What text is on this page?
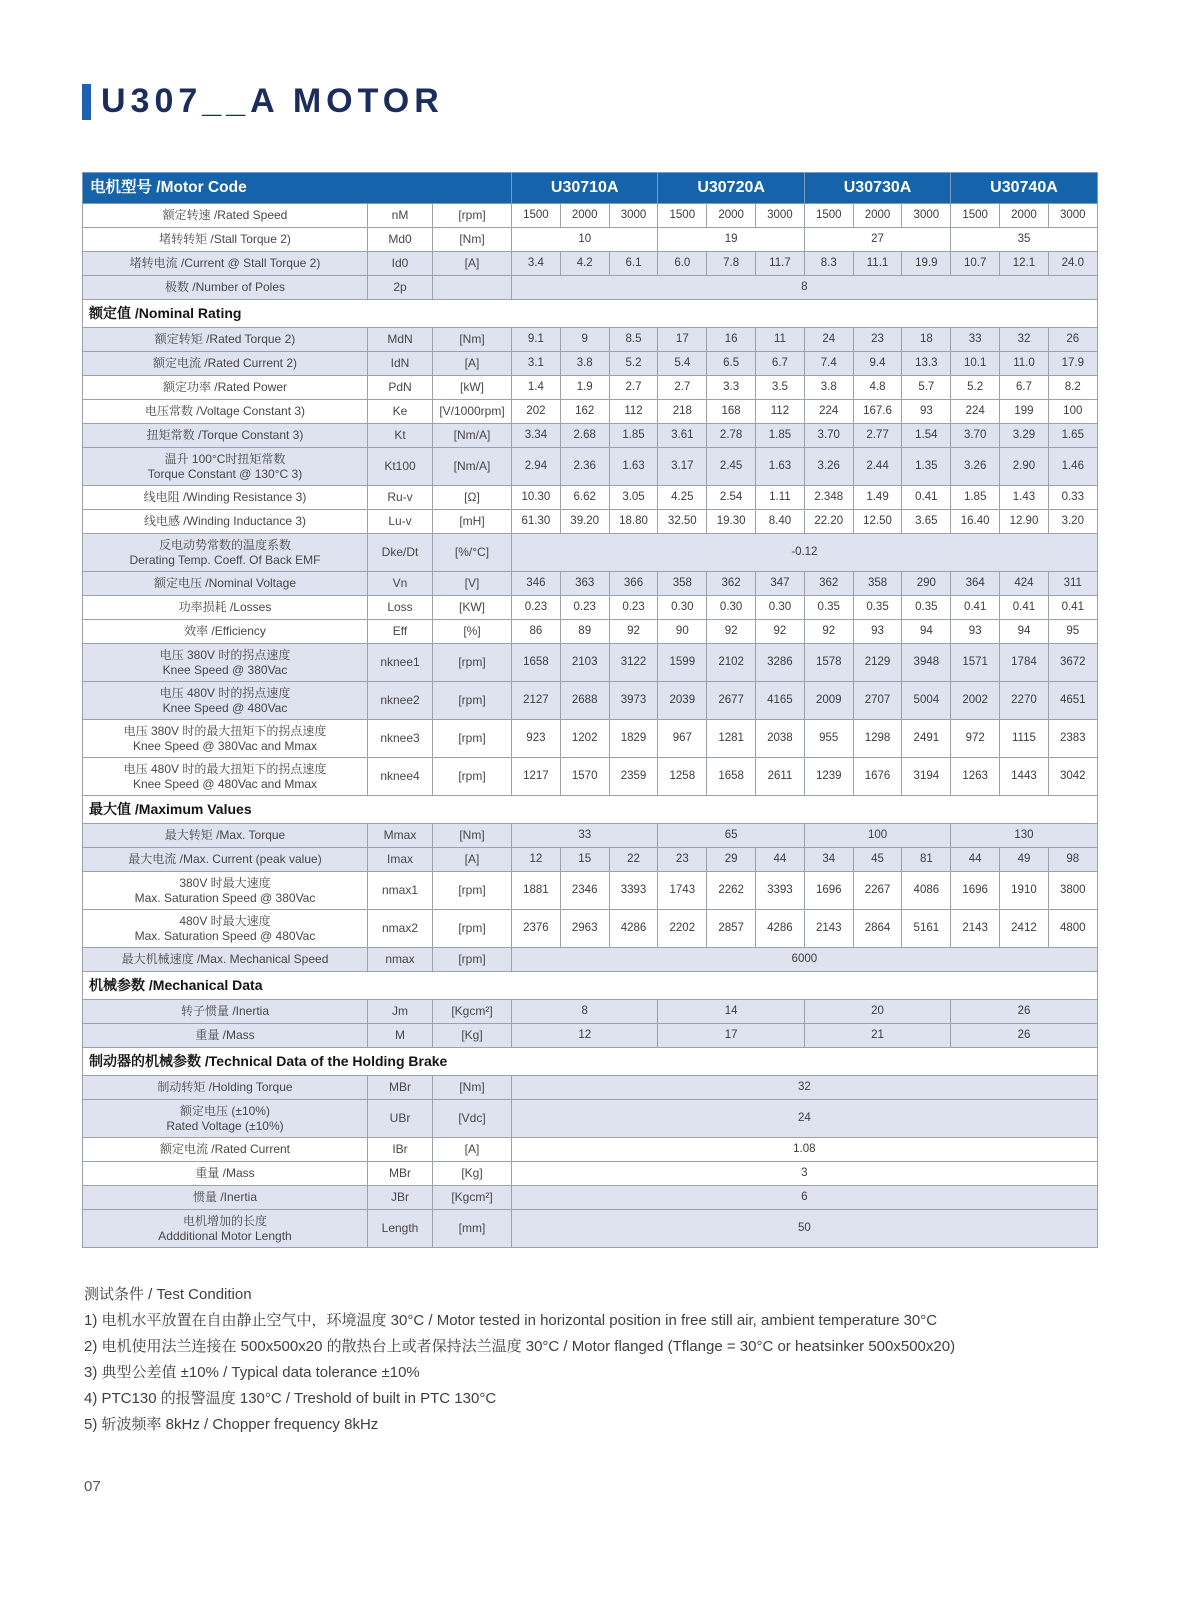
U307__A MOTOR
电机型号 /Motor Code			U30710A			U30720A			U30730A			U30740A		
额定转速 /Rated Speed	nM	[rpm]	1500	2000	3000	1500	2000	3000	1500	2000	3000	1500	2000	3000
堵转转矩 /Stall Torque 2)	Md0	[Nm]	10			19			27			35		
堵转电流 /Current @ Stall Torque 2)	Id0	[A]	3.4	4.2	6.1	6.0	7.8	11.7	8.3	11.1	19.9	10.7	12.1	24.0
极数 /Number of Poles	2p		8											
额定值 /Nominal Rating														
额定转矩 /Rated Torque 2)	MdN	[Nm]	9.1	9	8.5	17	16	11	24	23	18	33	32	26
额定电流 /Rated Current 2)	IdN	[A]	3.1	3.8	5.2	5.4	6.5	6.7	7.4	9.4	13.3	10.1	11.0	17.9
额定功率 /Rated Power	PdN	[kW]	1.4	1.9	2.7	2.7	3.3	3.5	3.8	4.8	5.7	5.2	6.7	8.2
电压常数 /Voltage Constant 3)	Ke	[V/1000rpm]	202	162	112	218	168	112	224	167.6	93	224	199	100
扭矩常数 /Torque Constant 3)	Kt	[Nm/A]	3.34	2.68	1.85	3.61	2.78	1.85	3.70	2.77	1.54	3.70	3.29	1.65
温升 100°C时扭矩常数
Torque Constant @ 130°C 3)	Kt100	[Nm/A]	2.94	2.36	1.63	3.17	2.45	1.63	3.26	2.44	1.35	3.26	2.90	1.46
线电阻 /Winding Resistance 3)	Ru-v	[Ω]	10.30	6.62	3.05	4.25	2.54	1.11	2.348	1.49	0.41	1.85	1.43	0.33
线电感 /Winding Inductance 3)	Lu-v	[mH]	61.30	39.20	18.80	32.50	19.30	8.40	22.20	12.50	3.65	16.40	12.90	3.20
反电动势常数的温度系数
Derating Temp. Coeff. Of Back EMF	Dke/Dt	[%/°C]	-0.12											
额定电压 /Nominal Voltage	Vn	[V]	346	363	366	358	362	347	362	358	290	364	424	311
功率损耗 /Losses	Loss	[KW]	0.23	0.23	0.23	0.30	0.30	0.30	0.35	0.35	0.35	0.41	0.41	0.41
效率 /Efficiency	Eff	[%]	86	89	92	90	92	92	92	93	94	93	94	95
电压 380V 时的拐点速度
Knee Speed @ 380Vac	nknee1	[rpm]	1658	2103	3122	1599	2102	3286	1578	2129	3948	1571	1784	3672
电压 480V 时的拐点速度
Knee Speed @ 480Vac	nknee2	[rpm]	2127	2688	3973	2039	2677	4165	2009	2707	5004	2002	2270	4651
电压 380V 时的最大扭矩下的拐点速度
Knee Speed @ 380Vac and Mmax	nknee3	[rpm]	923	1202	1829	967	1281	2038	955	1298	2491	972	1115	2383
电压 480V 时的最大扭矩下的拐点速度
Knee Speed @ 480Vac and Mmax	nknee4	[rpm]	1217	1570	2359	1258	1658	2611	1239	1676	3194	1263	1443	3042
最大值 /Maximum Values														
最大转矩 /Max. Torque	Mmax	[Nm]	33			65			100			130		
最大电流 /Max. Current (peak value)	Imax	[A]	12	15	22	23	29	44	34	45	81	44	49	98
380V 时最大速度
Max. Saturation Speed @ 380Vac	nmax1	[rpm]	1881	2346	3393	1743	2262	3393	1696	2267	4086	1696	1910	3800
480V 时最大速度
Max. Saturation Speed @ 480Vac	nmax2	[rpm]	2376	2963	4286	2202	2857	4286	2143	2864	5161	2143	2412	4800
最大机械速度 /Max. Mechanical Speed	nmax	[rpm]	6000											
机械参数 /Mechanical Data														
转子惯量 /Inertia	Jm	[Kgcm²]	8			14			20			26		
重量 /Mass	M	[Kg]	12			17			21			26		
制动器的机械参数 /Technical Data of the Holding Brake														
制动转矩 /Holding Torque	MBr	[Nm]	32											
额定电压 (±10%)
Rated Voltage (±10%)	UBr	[Vdc]	24											
额定电流 /Rated Current	IBr	[A]	1.08											
重量 /Mass	MBr	[Kg]	3											
惯量 /Inertia	JBr	[Kgcm²]	6											
电机增加的长度
Addditional Motor Length	Length	[mm]	50											
测试条件 / Test Condition
1) 电机水平放置在自由静止空气中，环境温度 30°C / Motor tested in horizontal position in free still air, ambient temperature 30°C
2) 电机使用法兰连接在 500x500x20 的散热台上或者保持法兰温度 30°C / Motor flanged (Tflange = 30°C or heatsinker 500x500x20)
3) 典型公差值 ±10% / Typical data tolerance ±10%
4) PTC130 的报警温度 130°C / Treshold of built in PTC 130°C
5) 斩波频率 8kHz / Chopper frequency 8kHz
07
